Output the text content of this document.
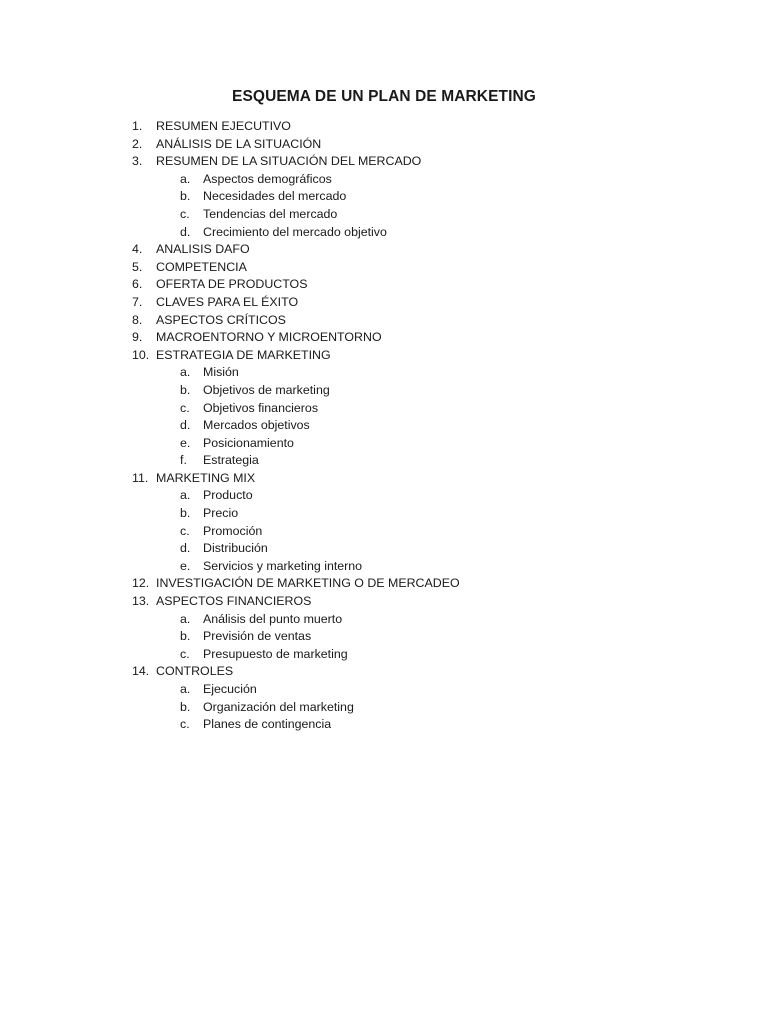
ESQUEMA DE UN PLAN DE MARKETING
1. RESUMEN EJECUTIVO
2. ANÁLISIS DE LA SITUACIÓN
3. RESUMEN DE LA SITUACIÓN DEL MERCADO
a. Aspectos demográficos
b. Necesidades del mercado
c. Tendencias del mercado
d. Crecimiento del mercado objetivo
4. ANALISIS DAFO
5. COMPETENCIA
6. OFERTA DE PRODUCTOS
7. CLAVES PARA EL ÉXITO
8. ASPECTOS CRÍTICOS
9. MACROENTORNO Y MICROENTORNO
10. ESTRATEGIA DE MARKETING
a. Misión
b. Objetivos de marketing
c. Objetivos financieros
d. Mercados objetivos
e. Posicionamiento
f. Estrategia
11. MARKETING MIX
a. Producto
b. Precio
c. Promoción
d. Distribución
e. Servicios y marketing interno
12. INVESTIGACIÓN DE MARKETING O DE MERCADEO
13. ASPECTOS FINANCIEROS
a. Análisis del punto muerto
b. Previsión de ventas
c. Presupuesto de marketing
14. CONTROLES
a. Ejecución
b. Organización del marketing
c. Planes de contingencia
